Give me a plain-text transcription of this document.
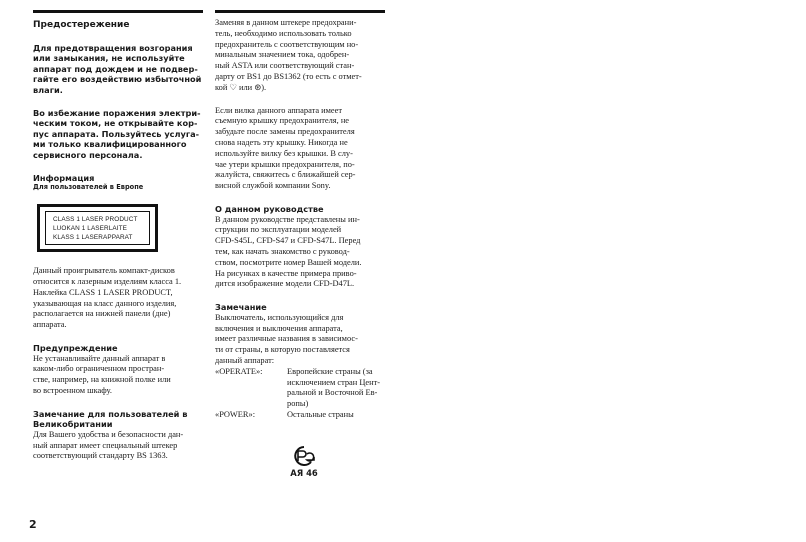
Предостережение

Для предотвращения возгорания
или замыкания, не используйте
аппарат под дождем и не подвер-
гайте его воздействию избыточной
влаги.

Во избежание поражения электри-
ческим током, не открывайте кор-
пус аппарата. Пользуйтесь услуга-
ми только квалифицированного
сервисного персонала.

Информация

Для пользователей в Европе

CLASS 1 LASER PRODUCT
LUOKAN 1 LASERLAITE
KLASS 1 LASERAPPARAT

Данный проигрыватель компакт-дисков
относится к лазерным изделиям класса 1.
Наклейка CLASS 1 LASER PRODUCT,
указывающая на класс данного изделия,
располагается на нижней панели (дне)
аппарата.

Предупреждение

Не устанавливайте данный аппарат в
каком-либо ограниченном простран-
стве, например, на книжной полке или
во встроенном шкафу.

Замечание для пользователей в
Великобритании

Для Вашего удобства и безопасности дан-
ный аппарат имеет специальный штекер
соответствующий стандарту BS 1363.

Заменяя в данном штекере предохрани-
тель, необходимо использовать только
предохранитель с соответствующим но-
минальным значением тока, одобрен-
ный ASTA или соответствующий стан-
дарту от BS1 до BS1362 (то есть с отмет-
кой ♡ или ⊛).

Если вилка данного аппарата имеет
съемную крышку предохранителя, не
забудьте после замены предохранителя
снова надеть эту крышку. Никогда не
используйте вилку без крышки. В слу-
чае утери крышки предохранителя, по-
жалуйста, свяжитесь с ближайшей сер-
висной службой компании Sony.

О данном руководстве

В данном руководстве представлены ин-
струкции по эксплуатации моделей
CFD-S45L, CFD-S47 и CFD-S47L. Перед
тем, как начать знакомство с руковод-
ством, посмотрите номер Вашей модели.
На рисунках в качестве примера приво-
дится изображение модели CFD-D47L.

Замечание

Выключатель, использующийся для
включения и выключения аппарата,
имеет различные названия в зависимос-
ти от страны, в которую поставляется
данный аппарат:

«OPERATE»:	Европейские страны (за
исключением стран Цент-
ральной и Восточной Ев-
ропы)
«POWER»:	Остальные страны
АЯ 46
2
